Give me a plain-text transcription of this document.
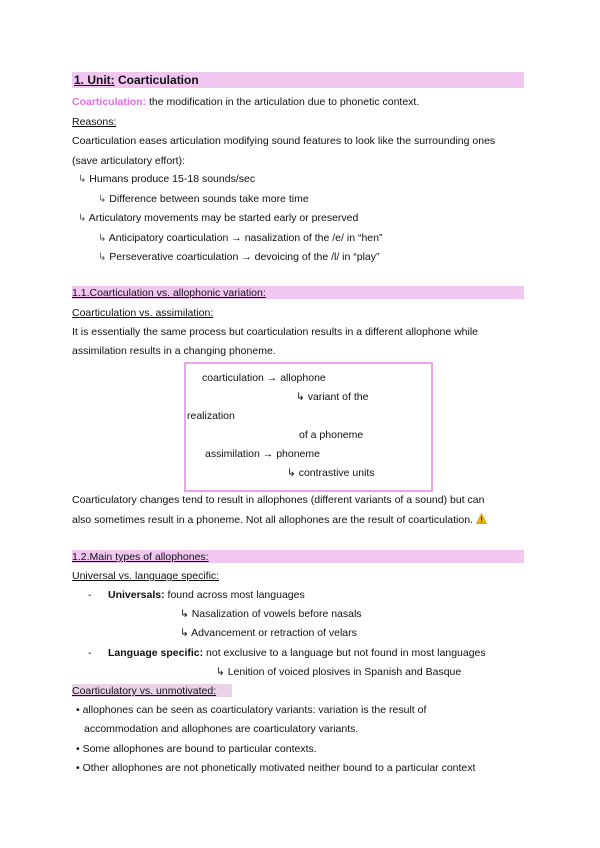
1. Unit: Coarticulation
Coarticulation: the modification in the articulation due to phonetic context.
Reasons:
Coarticulation eases articulation modifying sound features to look like the surrounding ones
(save articulatory effort):
↳ Humans produce 15-18 sounds/sec
↳ Difference between sounds take more time
↳ Articulatory movements may be started early or preserved
↳ Anticipatory coarticulation → nasalization of the /e/ in “hen”
↳ Perseverative coarticulation → devoicing of the /l/ in “play”
1.1.Coarticulation vs. allophonic variation:
Coarticulation vs. assimilation:
It is essentially the same process but coarticulation results in a different allophone while
assimilation results in a changing phoneme.
coarticulation → allophone
↳ variant of the
realization
of a phoneme
assimilation → phoneme
↳ contrastive units
Coarticulatory changes tend to result in allophones (different variants of a sound) but can
also sometimes result in a phoneme. Not all allophones are the result of coarticulation.
1.2.Main types of allophones:
Universal vs. language specific:
- Universals: found across most languages
↳ Nasalization of vowels before nasals
↳ Advancement or retraction of velars
- Language specific: not exclusive to a language but not found in most languages
↳ Lenition of voiced plosives in Spanish and Basque
Coarticulatory vs. unmotivated:
• allophones can be seen as coarticulatory variants: variation is the result of
accommodation and allophones are coarticulatory variants.
• Some allophones are bound to particular contexts.
• Other allophones are not phonetically motivated neither bound to a particular context
